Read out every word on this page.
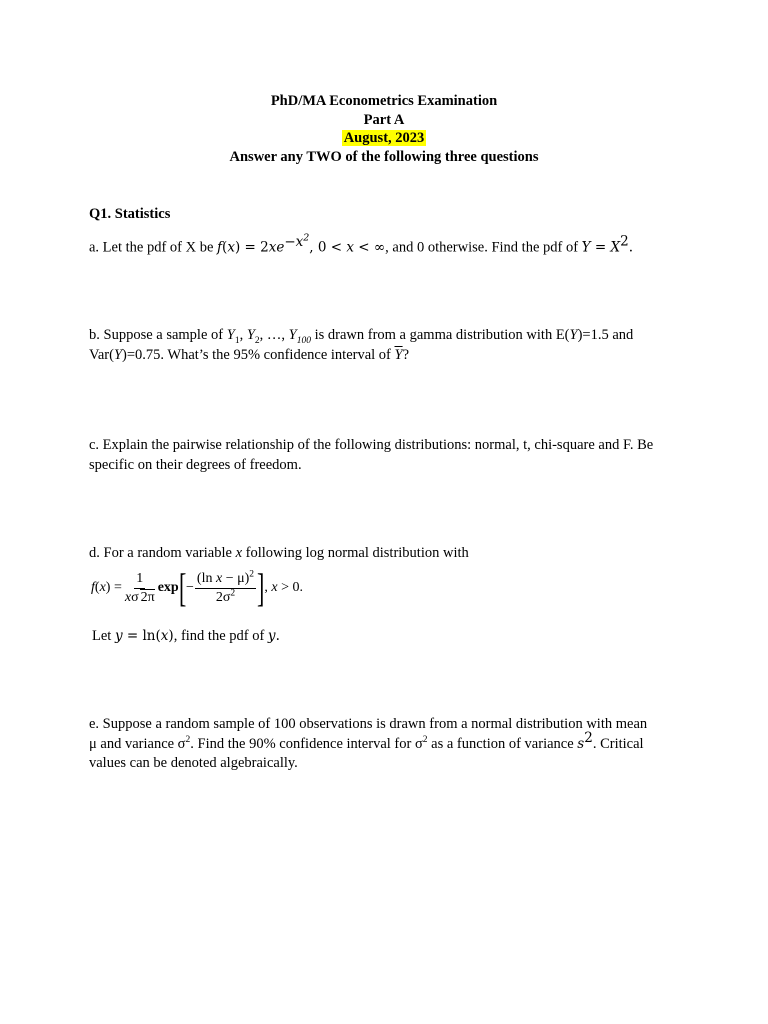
PhD/MA Econometrics Examination
Part A
August, 2023
Answer any TWO of the following three questions
Q1. Statistics
a. Let the pdf of X be $f(x) = 2xe^{-x^2}$, 0 < x < ∞, and 0 otherwise. Find the pdf of $Y = X^2$.
b. Suppose a sample of $Y_1$, $Y_2$, …, $Y_{100}$ is drawn from a gamma distribution with E(Y)=1.5 and
Var(Y)=0.75. What’s the 95% confidence interval of $\overline{Y}$?
c. Explain the pairwise relationship of the following distributions: normal, t, chi-square and F. Be
specific on their degrees of freedom.
d. For a random variable x following log normal distribution with
f ( x ) = $\frac{1}{x\sigma 2\pi}$ exp [ − $\frac{(\ln x - \mu)^2}{2\sigma^2}$ ] , x > 0.
Let y = ln(x), find the pdf of y.
e. Suppose a random sample of 100 observations is drawn from a normal distribution with mean
μ and variance $\sigma^2$. Find the 90% confidence interval for $\sigma^2$ as a function of variance $s^2$. Critical
values can be denoted algebraically.
